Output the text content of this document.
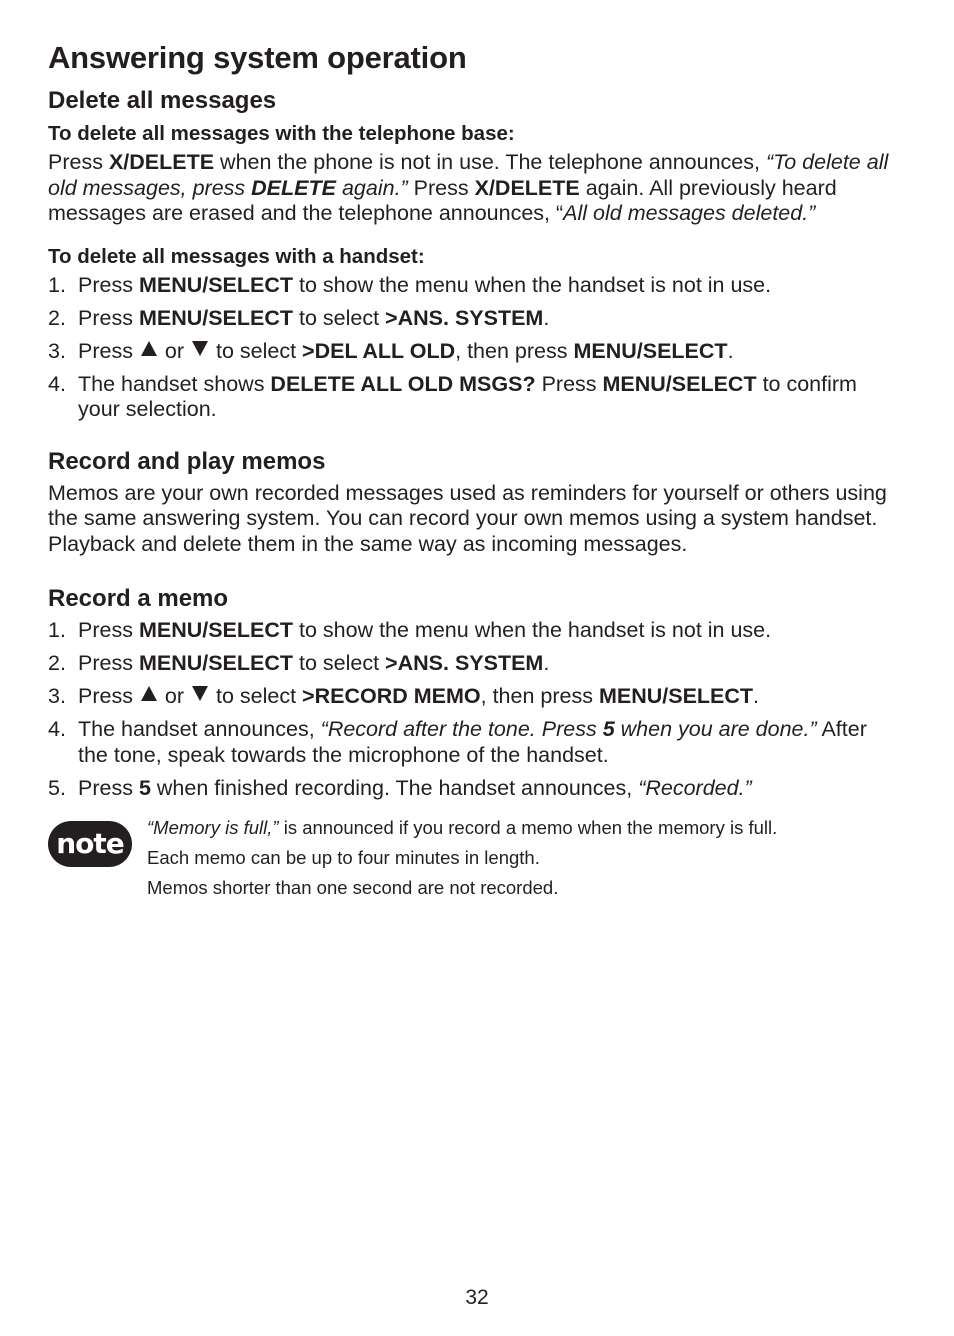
Answering system operation
Delete all messages
To delete all messages with the telephone base:

Press X/DELETE when the phone is not in use. The telephone announces, “To delete all old messages, press DELETE again.” Press X/DELETE again. All previously heard messages are erased and the telephone announces, “All old messages deleted.”

To delete all messages with a handset:
1. Press MENU/SELECT to show the menu when the handset is not in use.
2. Press MENU/SELECT to select >ANS. SYSTEM.
3. Press  or  to select >DEL ALL OLD, then press MENU/SELECT.
4. The handset shows DELETE ALL OLD MSGS? Press MENU/SELECT to confirm your selection.
Record and play memos

Memos are your own recorded messages used as reminders for yourself or others using the same answering system. You can record your own memos using a system handset. Playback and delete them in the same way as incoming messages.

Record a memo
1. Press MENU/SELECT to show the menu when the handset is not in use.
2. Press MENU/SELECT to select >ANS. SYSTEM.
3. Press  or  to select >RECORD MEMO, then press MENU/SELECT.
4. The handset announces, “Record after the tone. Press 5 when you are done.” After the tone, speak towards the microphone of the handset.
5. Press 5 when finished recording. The handset announces, “Recorded.”
note	“Memory is full,” is announced if you record a memo when the memory is full.

Each memo can be up to four minutes in length.

Memos shorter than one second are not recorded.

32
